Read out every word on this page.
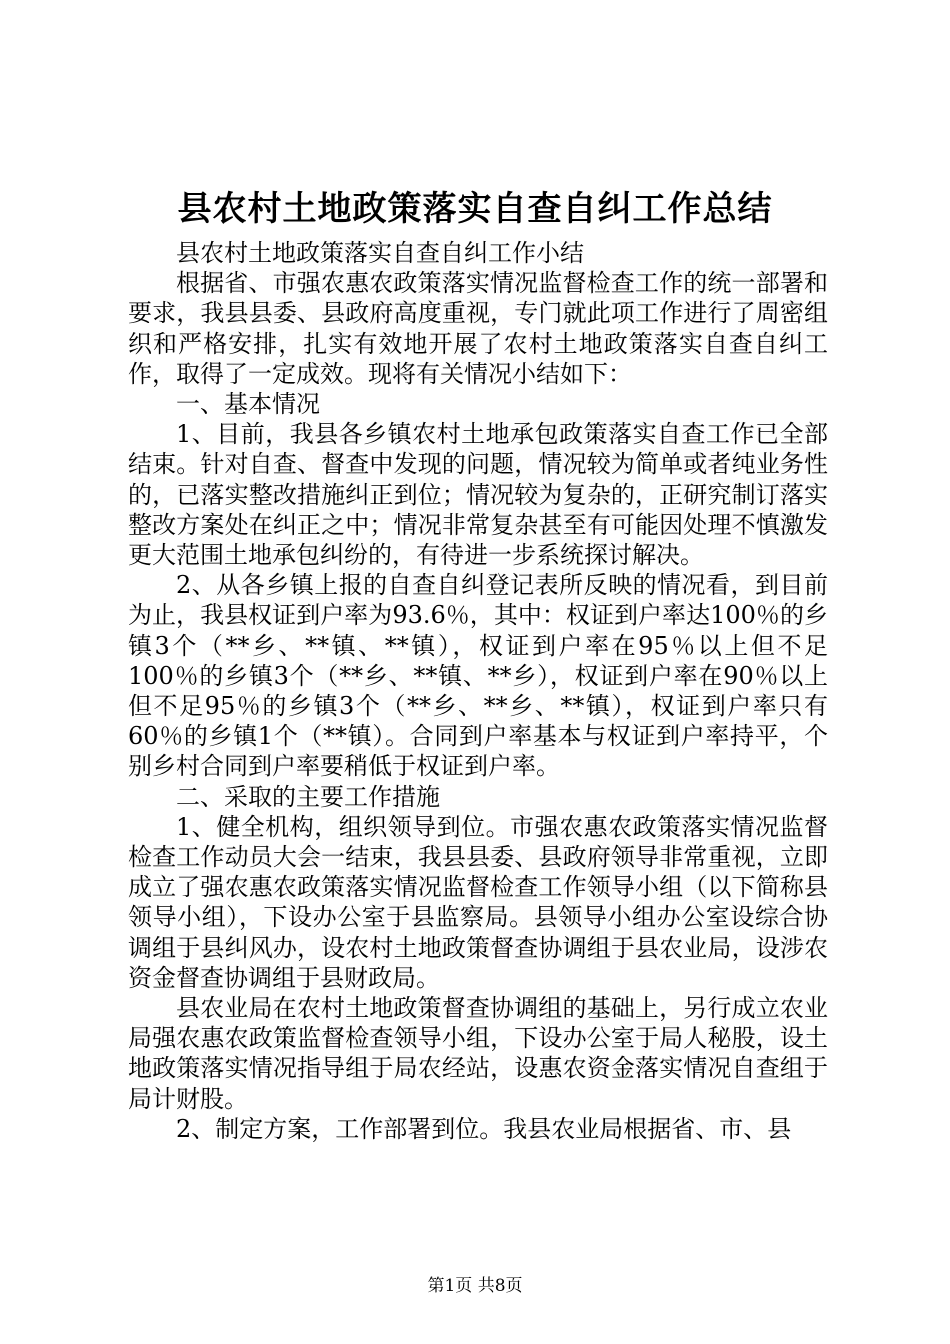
县农村土地政策落实自查自纠工作总结

县农村土地政策落实自查自纠工作小结

根据省、市强农惠农政策落实情况监督检查工作的统一部署和要求，我县县委、县政府高度重视，专门就此项工作进行了周密组织和严格安排，扎实有效地开展了农村土地政策落实自查自纠工作，取得了一定成效。现将有关情况小结如下：

一、基本情况

1、目前，我县各乡镇农村土地承包政策落实自查工作已全部结束。针对自查、督查中发现的问题，情况较为简单或者纯业务性的，已落实整改措施纠正到位；情况较为复杂的，正研究制订落实整改方案处在纠正之中；情况非常复杂甚至有可能因处理不慎激发更大范围土地承包纠纷的，有待进一步系统探讨解决。

2、从各乡镇上报的自查自纠登记表所反映的情况看，到目前为止，我县权证到户率为93.6％，其中：权证到户率达100％的乡镇3个（**乡、**镇、**镇），权证到户率在95％以上但不足100％的乡镇3个（**乡、**镇、**乡），权证到户率在90％以上但不足95％的乡镇3个（**乡、**乡、**镇），权证到户率只有60％的乡镇1个（**镇）。合同到户率基本与权证到户率持平，个别乡村合同到户率要稍低于权证到户率。

二、采取的主要工作措施

1、健全机构，组织领导到位。市强农惠农政策落实情况监督检查工作动员大会一结束，我县县委、县政府领导非常重视，立即成立了强农惠农政策落实情况监督检查工作领导小组（以下简称县领导小组），下设办公室于县监察局。县领导小组办公室设综合协调组于县纠风办，设农村土地政策督查协调组于县农业局，设涉农资金督查协调组于县财政局。

县农业局在农村土地政策督查协调组的基础上，另行成立农业局强农惠农政策监督检查领导小组，下设办公室于局人秘股，设土地政策落实情况指导组于局农经站，设惠农资金落实情况自查组于局计财股。

2、制定方案，工作部署到位。我县农业局根据省、市、县

第1页 共8页
